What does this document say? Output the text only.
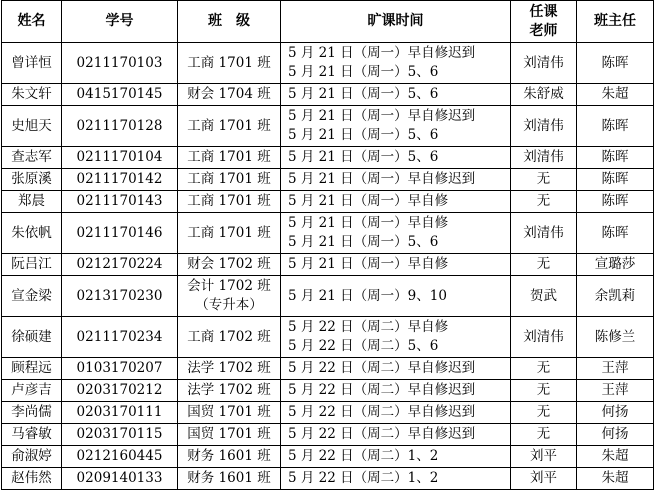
姓名	学号	班　级	旷课时间	任课
老师	班主任
曾详恒	0211170103	工商 1701 班	5 月 21 日（周一）早自修迟到
5 月 21 日（周一）5、6	刘清伟	陈晖
朱文轩	0415170145	财会 1704 班	5 月 21 日（周一）5、6	朱舒威	朱超
史旭天	0211170128	工商 1701 班	5 月 21 日（周一）早自修迟到
5 月 21 日（周一）5、6	刘清伟	陈晖
查志军	0211170104	工商 1701 班	5 月 21 日（周一）5、6	刘清伟	陈晖
张原溪	0211170142	工商 1701 班	5 月 21 日（周一）早自修迟到	无	陈晖
郑晨	0211170143	工商 1701 班	5 月 21 日（周一）早自修	无	陈晖
朱依帆	0211170146	工商 1701 班	5 月 21 日（周一）早自修
5 月 21 日（周一）5、6	刘清伟	陈晖
阮吕江	0212170224	财会 1702 班	5 月 21 日（周一）早自修	无	宣璐莎
宣金梁	0213170230	会计 1702 班
（专升本）	5 月 21 日（周一）9、10	贺武	余凯莉
徐硕建	0211170234	工商 1702 班	5 月 22 日（周二）早自修
5 月 22 日（周二）5、6	刘清伟	陈修兰
顾程远	0103170207	法学 1702 班	5 月 22 日（周二）早自修迟到	无	王萍
卢彦吉	0203170212	法学 1702 班	5 月 22 日（周二）早自修迟到	无	王萍
李尚儒	0203170111	国贸 1701 班	5 月 22 日（周二）早自修迟到	无	何扬
马睿敏	0203170115	国贸 1701 班	5 月 22 日（周二）早自修迟到	无	何扬
俞淑婷	0212160445	财务 1601 班	5 月 22 日（周二）1、2	刘平	朱超
赵伟然	0209140133	财务 1601 班	5 月 22 日（周二）1、2	刘平	朱超
